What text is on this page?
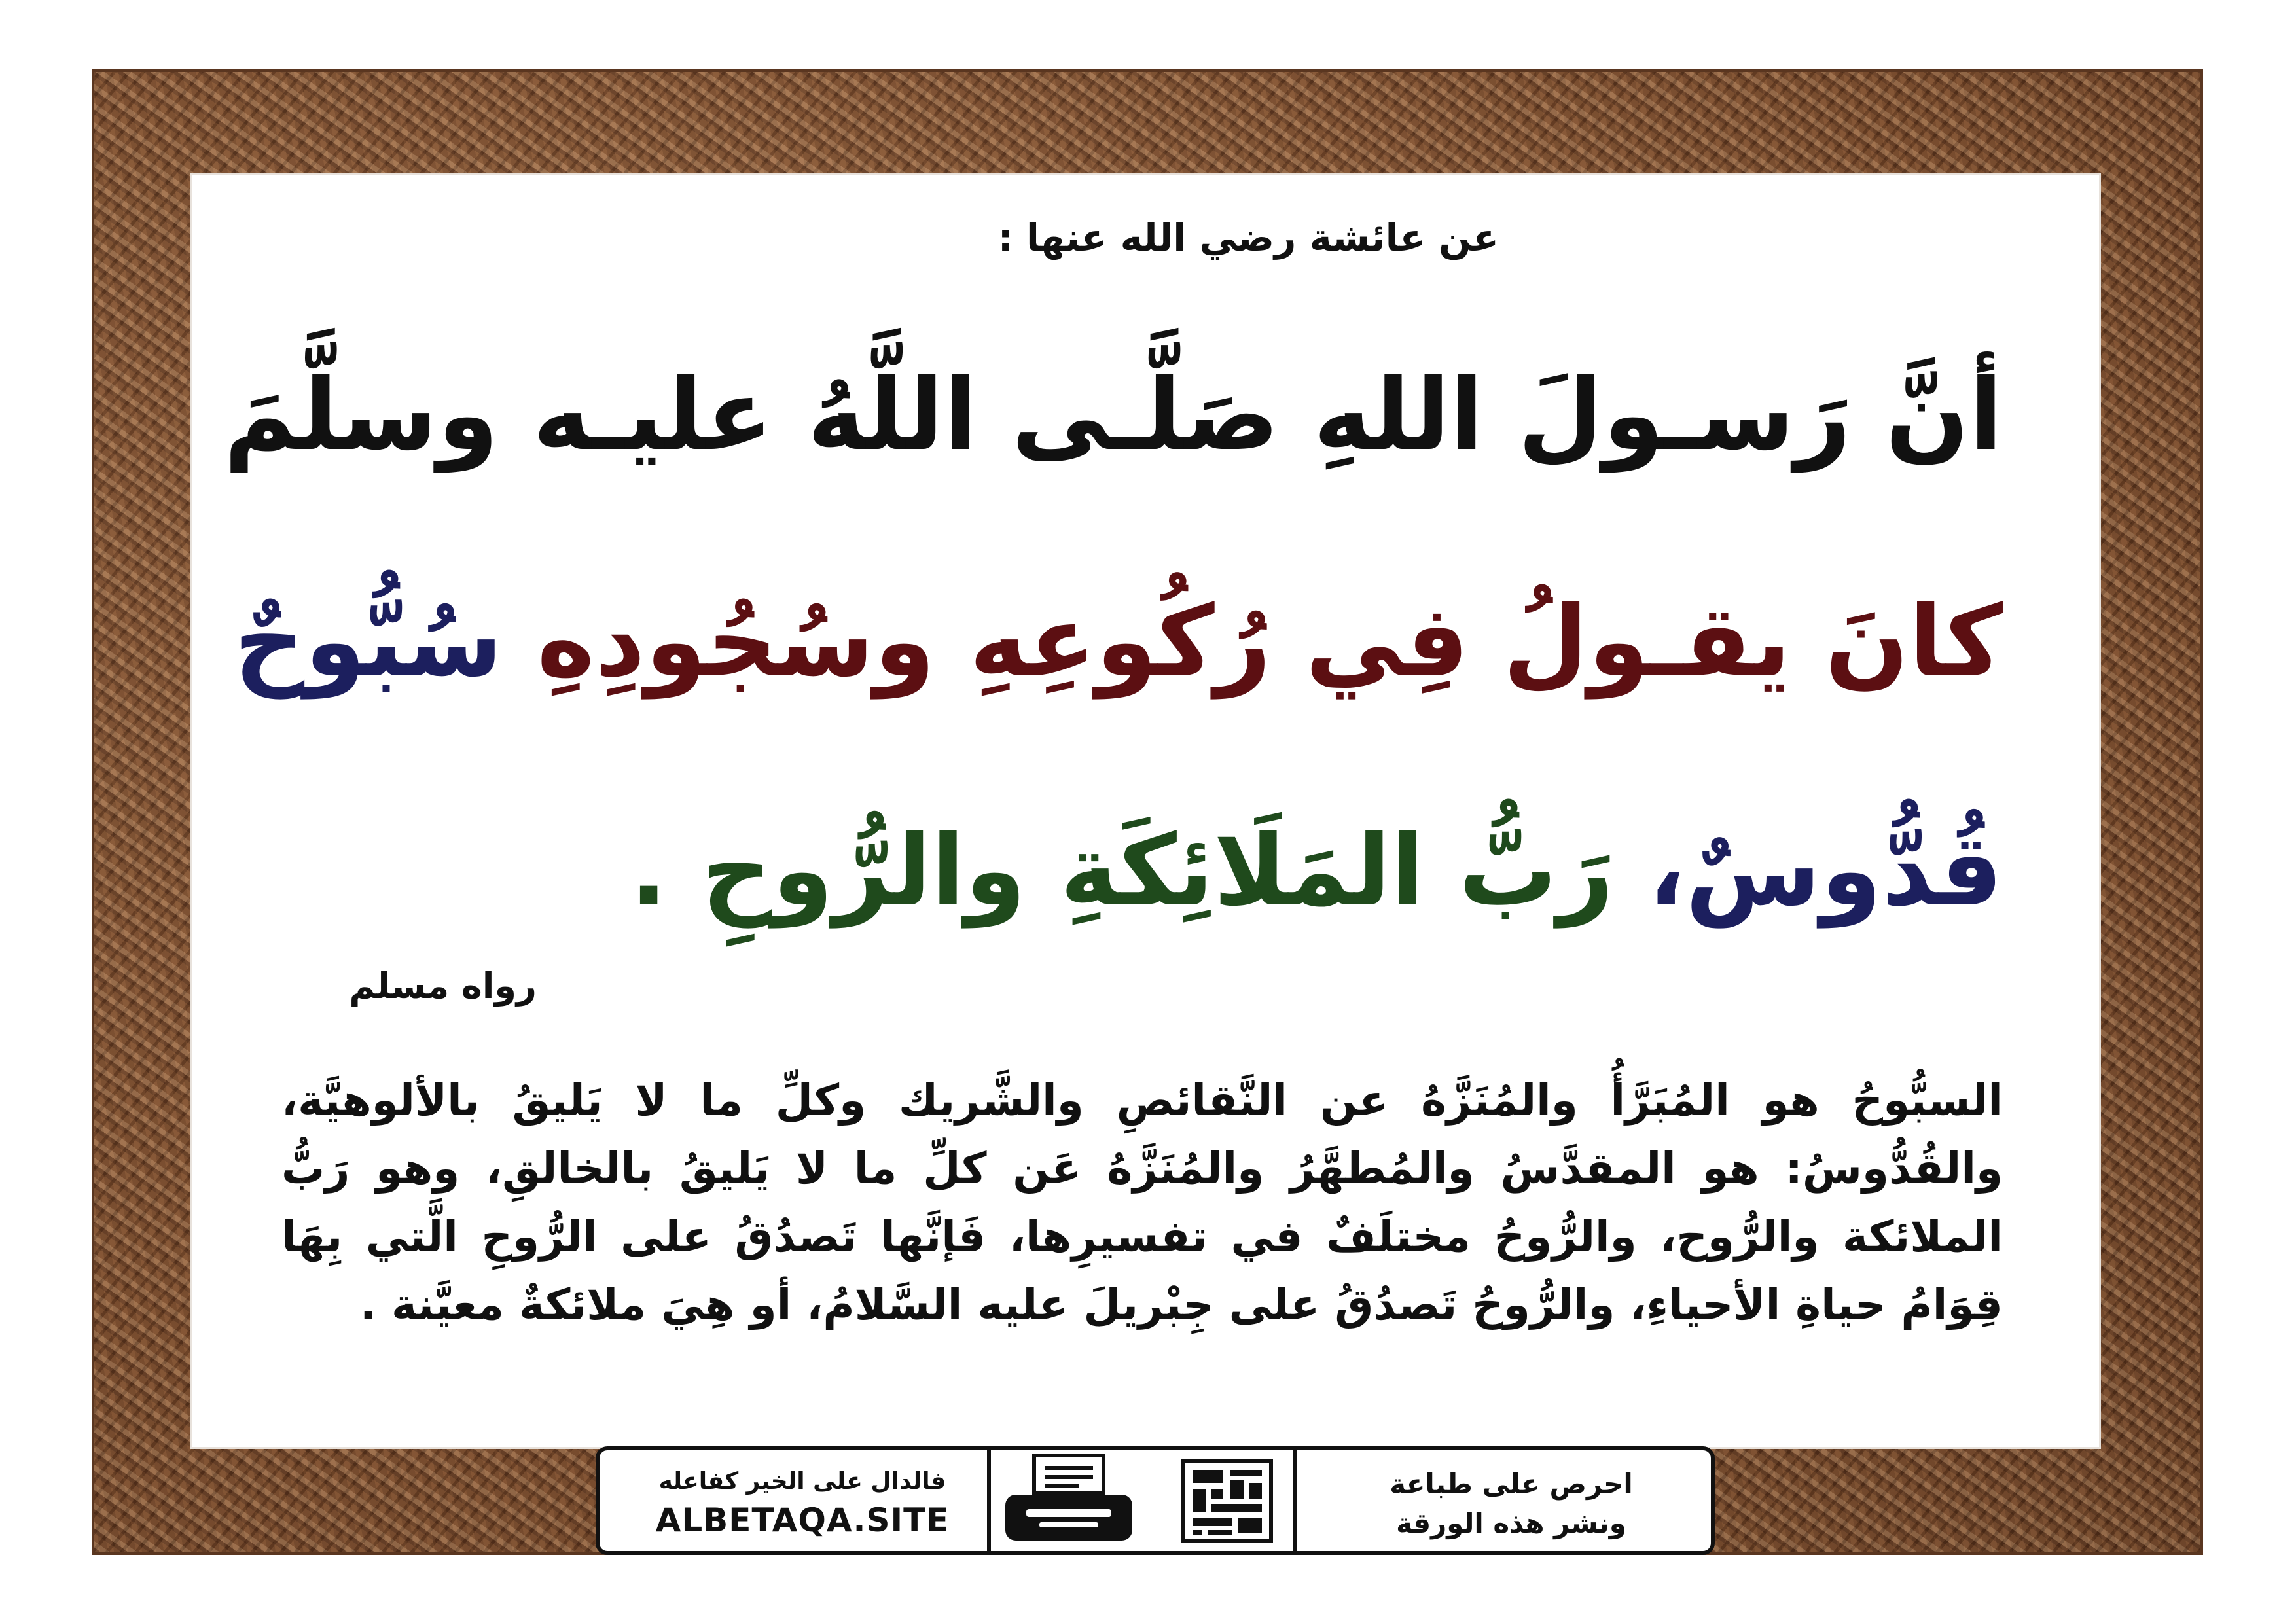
عن عائشة رضي الله عنها :
أنَّ رَسـولَ اللهِ صَلَّـى اللَّهُ عليـه وسلَّمَ
كانَ يقـولُ فِي رُكُوعِهِ وسُجُودِهِ سُبُّوحٌ
قُدُّوسٌ، رَبُّ المَلَائِكَةِ والرُّوحِ .
رواه مسلم
السبُّوحُ هو المُبَرَّأُ والمُنَزَّهُ عن النَّقائصِ والشَّريك وكلِّ ما لا يَليقُ بالألوهيَّة، والقُدُّوسُ: هو المقدَّسُ والمُطهَّرُ والمُنَزَّهُ عَن كلِّ ما لا يَليقُ بالخالقِ، وهو رَبُّ الملائكة والرُّوح، والرُّوحُ مختلَفٌ في تفسيرِها، فَإنَّها تَصدُقُ على الرُّوحِ الَّتي بِهَا قِوَامُ حياةِ الأحياءِ، والرُّوحُ تَصدُقُ على جِبْريلَ عليه السَّلامُ، أو هِيَ ملائكةٌ معيَّنة .
احرص على طباعة
ونشر هذه الورقة
فالدال على الخير كفاعله
ALBETAQA.SITE
